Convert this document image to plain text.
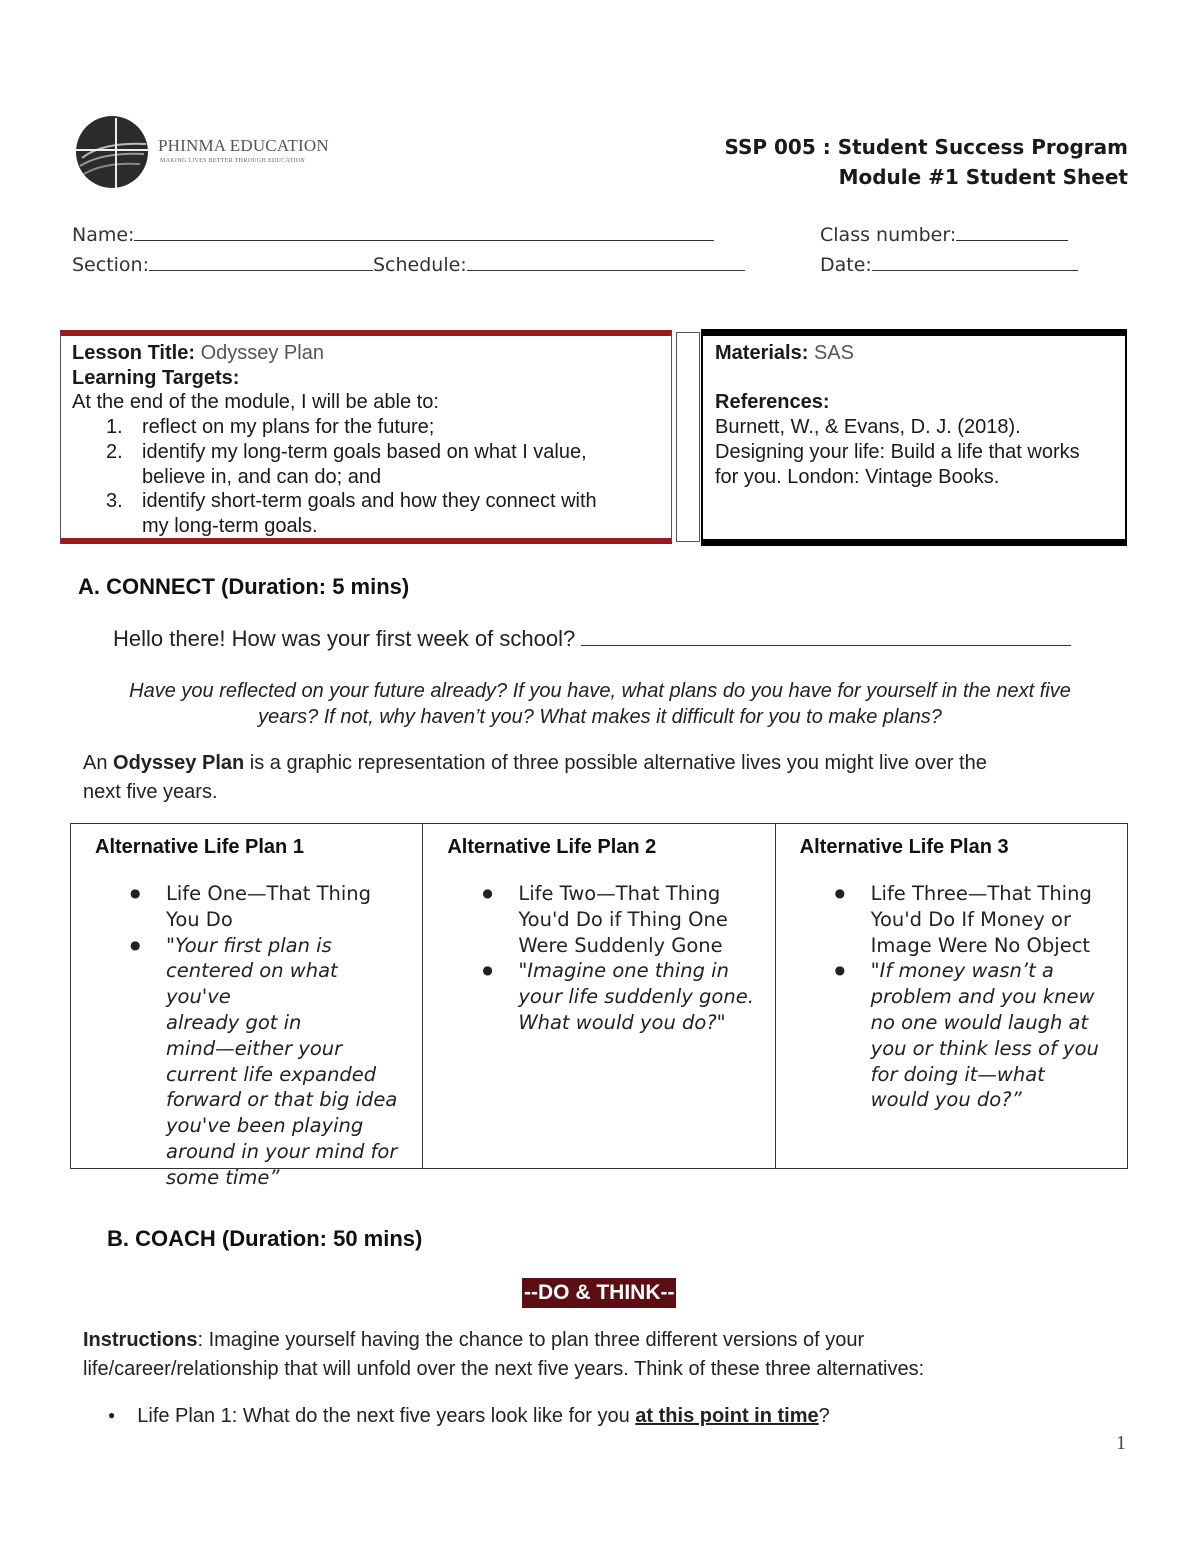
PHINMA EDUCATION
MAKING LIVES BETTER THROUGH EDUCATION
SSP 005 : Student Success Program
Module #1 Student Sheet
Name:
Section:	Schedule:
Class number:
Date:
Lesson Title: Odyssey Plan
Learning Targets:
At the end of the module, I will be able to:
1. reflect on my plans for the future;
2. identify my long-term goals based on what I value,
believe in, and can do; and
3. identify short-term goals and how they connect with
my long-term goals.
Materials: SAS
References:
Burnett, W., & Evans, D. J. (2018).
Designing your life: Build a life that works
for you. London: Vintage Books.
A. CONNECT (Duration: 5 mins)
Hello there! How was your first week of school?
Have you reflected on your future already? If you have, what plans do you have for yourself in the next five
years? If not, why haven’t you? What makes it difficult for you to make plans?
An Odyssey Plan is a graphic representation of three possible alternative lives you might live over the
next five years.
Alternative Life Plan 1
● Life One—That Thing
You Do
● "Your first plan is
centered on what you've
already got in
mind—either your
current life expanded
forward or that big idea
you've been playing
around in your mind for
some time”
Alternative Life Plan 2
● Life Two—That Thing
You'd Do if Thing One
Were Suddenly Gone
● "Imagine one thing in
your life suddenly gone.
What would you do?"
Alternative Life Plan 3
● Life Three—That Thing
You'd Do If Money or
Image Were No Object
● "If money wasn’t a
problem and you knew
no one would laugh at
you or think less of you
for doing it—what
would you do?”
B. COACH (Duration: 50 mins)
--DO & THINK--
Instructions: Imagine yourself having the chance to plan three different versions of your
life/career/relationship that will unfold over the next five years. Think of these three alternatives:
● Life Plan 1: What do the next five years look like for you at this point in time?
1
